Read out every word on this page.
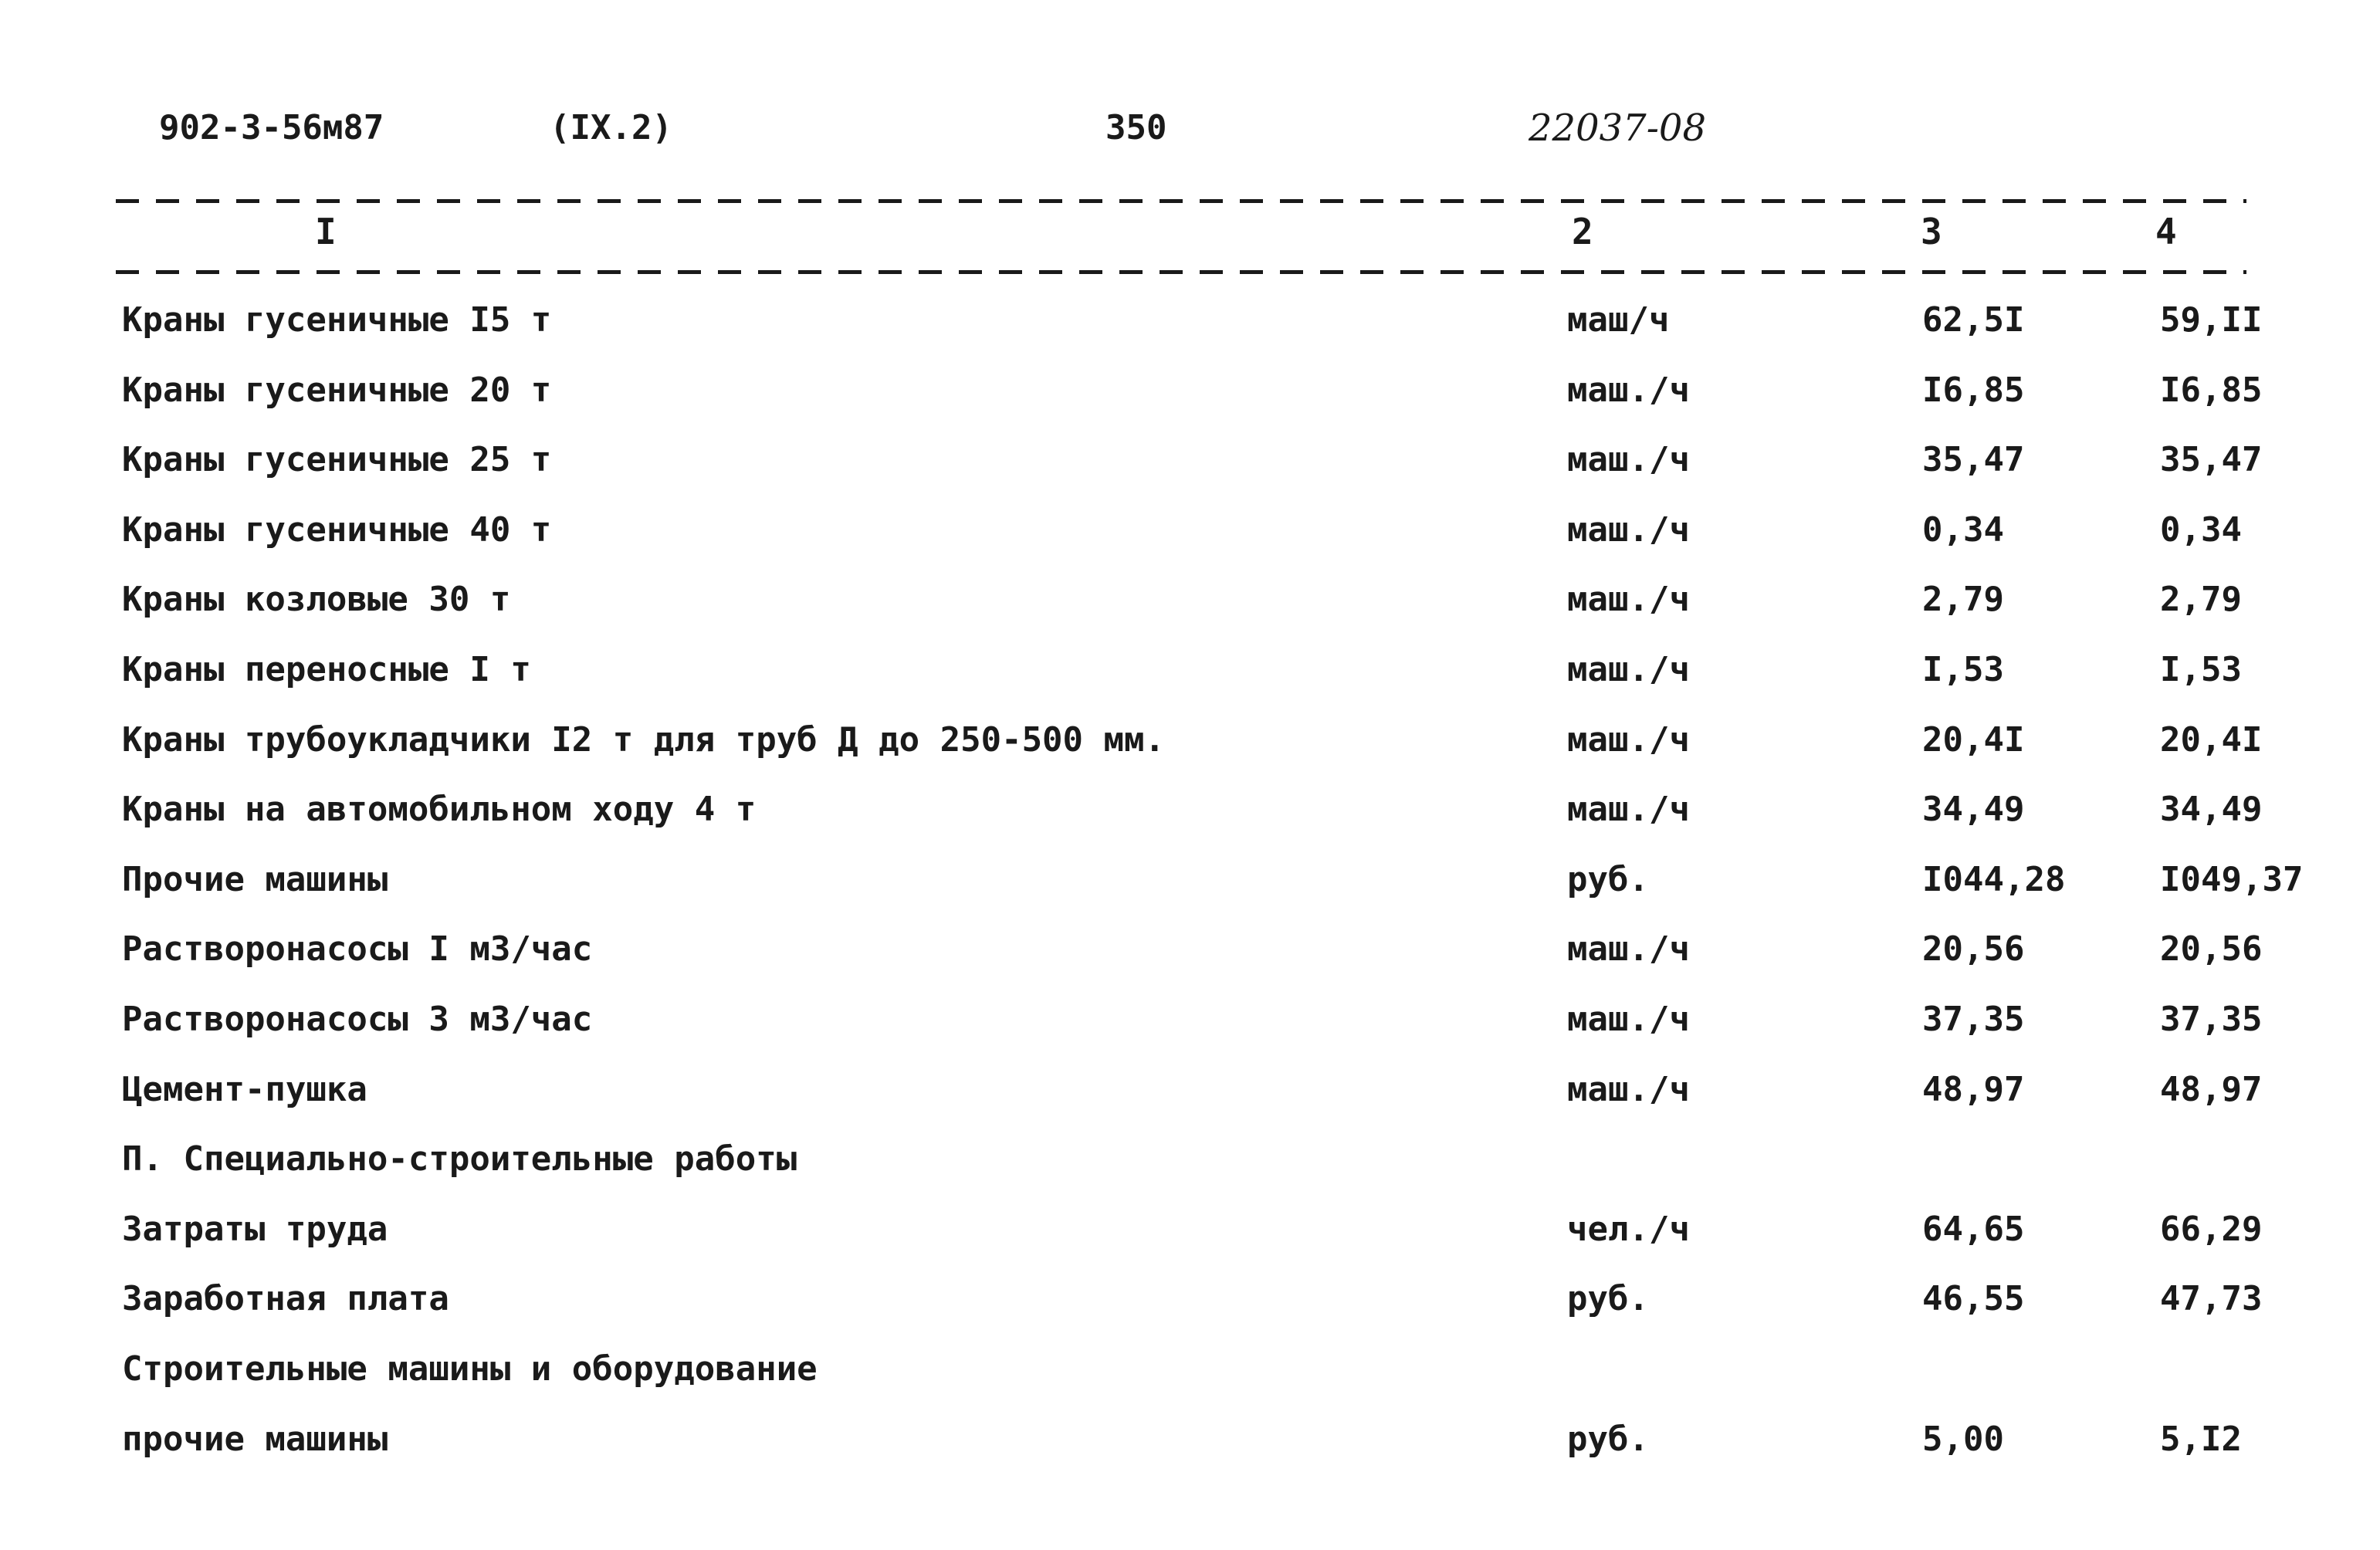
902-3-56м87	(IX.2)	350	22037-08
I	2	3	4
Краны гусеничные I5 т	маш/ч	62,5I	59,II
Краны гусеничные 20 т	маш./ч	I6,85	I6,85
Краны гусеничные 25 т	маш./ч	35,47	35,47
Краны гусеничные 40 т	маш./ч	0,34	0,34
Краны козловые 30 т	маш./ч	2,79	2,79
Краны переносные I т	маш./ч	I,53	I,53
Краны трубоукладчики I2 т для труб Д до 250-500 мм.	маш./ч	20,4I	20,4I
Краны на автомобильном ходу 4 т	маш./ч	34,49	34,49
Прочие машины	руб.	I044,28	I049,37
Растворонасосы I м3/час	маш./ч	20,56	20,56
Растворонасосы 3 м3/час	маш./ч	37,35	37,35
Цемент-пушка	маш./ч	48,97	48,97
П. Специально-строительные работы
Затраты труда	чел./ч	64,65	66,29
Заработная плата	руб.	46,55	47,73
Строительные машины и оборудование
прочие машины	руб.	5,00	5,I2
